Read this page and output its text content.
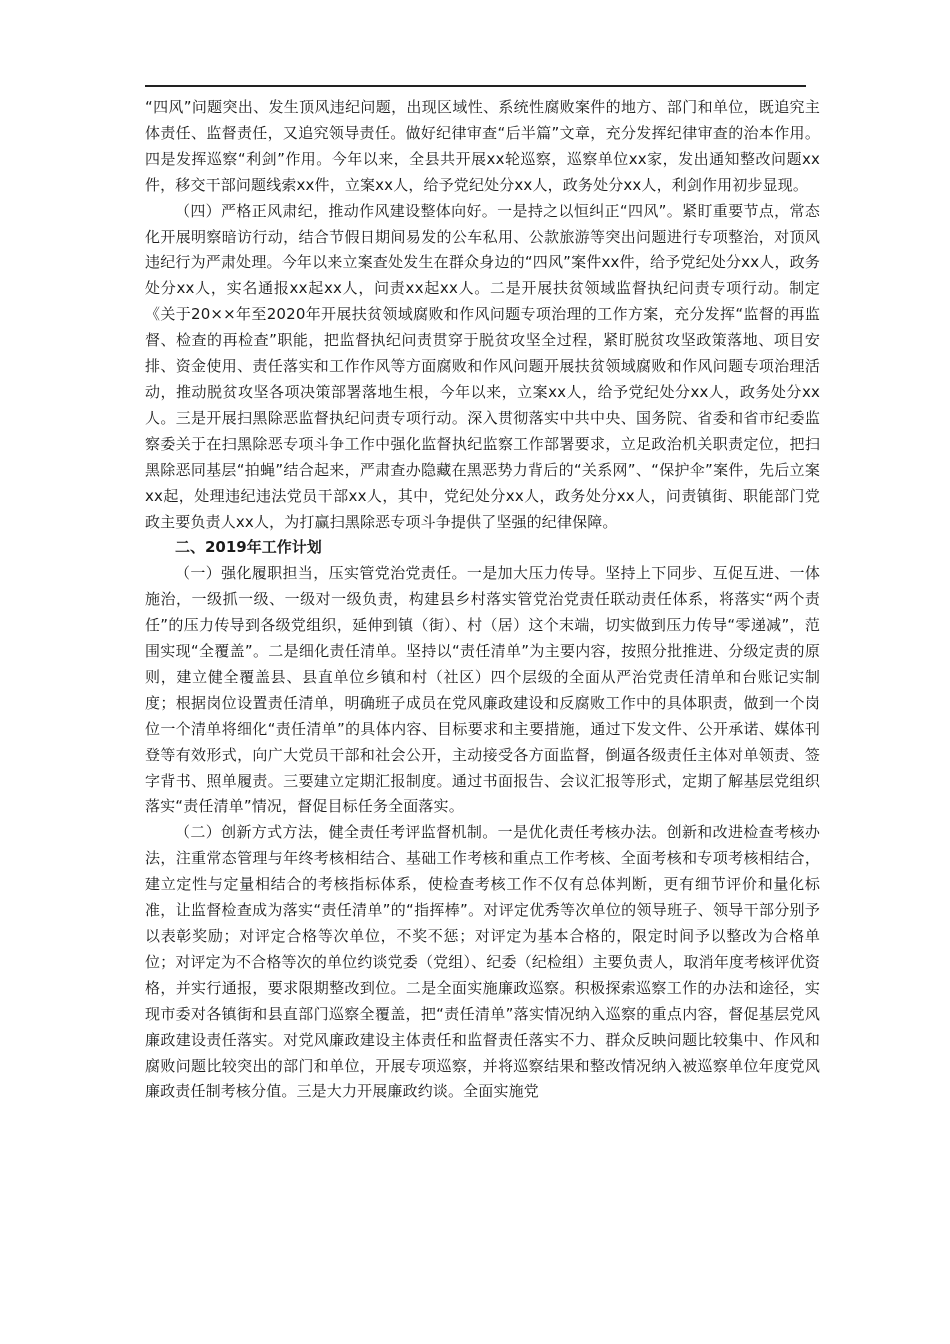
“四风”问题突出、发生顶风违纪问题，出现区域性、系统性腐败案件的地方、部门和单位，既追究主体责任、监督责任，又追究领导责任。做好纪律审查“后半篇”文章，充分发挥纪律审查的治本作用。四是发挥巡察“利剑”作用。今年以来，全县共开展xx轮巡察，巡察单位xx家，发出通知整改问题xx件，移交干部问题线索xx件，立案xx人，给予党纪处分xx人，政务处分xx人，利剑作用初步显现。

（四）严格正风肃纪，推动作风建设整体向好。一是持之以恒纠正“四风”。紧盯重要节点，常态化开展明察暗访行动，结合节假日期间易发的公车私用、公款旅游等突出问题进行专项整治，对顶风违纪行为严肃处理。今年以来立案查处发生在群众身边的“四风”案件xx件，给予党纪处分xx人，政务处分xx人，实名通报xx起xx人，问责xx起xx人。二是开展扶贫领域监督执纪问责专项行动。制定《关于20××年至2020年开展扶贫领域腐败和作风问题专项治理的工作方案，充分发挥“监督的再监督、检查的再检查”职能，把监督执纪问责贯穿于脱贫攻坚全过程，紧盯脱贫攻坚政策落地、项目安排、资金使用、责任落实和工作作风等方面腐败和作风问题开展扶贫领域腐败和作风问题专项治理活动，推动脱贫攻坚各项决策部署落地生根，今年以来，立案xx人，给予党纪处分xx人，政务处分xx人。三是开展扫黑除恶监督执纪问责专项行动。深入贯彻落实中共中央、国务院、省委和省市纪委监察委关于在扫黑除恶专项斗争工作中强化监督执纪监察工作部署要求，立足政治机关职责定位，把扫黑除恶同基层“拍蝇”结合起来，严肃查办隐藏在黑恶势力背后的“关系网”、“保护伞”案件，先后立案xx起，处理违纪违法党员干部xx人，其中，党纪处分xx人，政务处分xx人，问责镇街、职能部门党政主要负责人xx人，为打赢扫黑除恶专项斗争提供了坚强的纪律保障。

二、2019年工作计划

（一）强化履职担当，压实管党治党责任。一是加大压力传导。坚持上下同步、互促互进、一体施治，一级抓一级、一级对一级负责，构建县乡村落实管党治党责任联动责任体系，将落实“两个责任”的压力传导到各级党组织，延伸到镇（街）、村（居）这个末端，切实做到压力传导“零递减”，范围实现“全覆盖”。二是细化责任清单。坚持以“责任清单”为主要内容，按照分批推进、分级定责的原则，建立健全覆盖县、县直单位乡镇和村（社区）四个层级的全面从严治党责任清单和台账记实制度；根据岗位设置责任清单，明确班子成员在党风廉政建设和反腐败工作中的具体职责，做到一个岗位一个清单将细化“责任清单”的具体内容、目标要求和主要措施，通过下发文件、公开承诺、媒体刊登等有效形式，向广大党员干部和社会公开，主动接受各方面监督，倒逼各级责任主体对单领责、签字背书、照单履责。三要建立定期汇报制度。通过书面报告、会议汇报等形式，定期了解基层党组织落实“责任清单”情况，督促目标任务全面落实。

（二）创新方式方法，健全责任考评监督机制。一是优化责任考核办法。创新和改进检查考核办法，注重常态管理与年终考核相结合、基础工作考核和重点工作考核、全面考核和专项考核相结合，建立定性与定量相结合的考核指标体系，使检查考核工作不仅有总体判断，更有细节评价和量化标准，让监督检查成为落实“责任清单”的“指挥棒”。对评定优秀等次单位的领导班子、领导干部分别予以表彰奖励；对评定合格等次单位，不奖不惩；对评定为基本合格的，限定时间予以整改为合格单位；对评定为不合格等次的单位约谈党委（党组）、纪委（纪检组）主要负责人，取消年度考核评优资格，并实行通报，要求限期整改到位。二是全面实施廉政巡察。积极探索巡察工作的办法和途径，实现市委对各镇街和县直部门巡察全覆盖，把“责任清单”落实情况纳入巡察的重点内容，督促基层党风廉政建设责任落实。对党风廉政建设主体责任和监督责任落实不力、群众反映问题比较集中、作风和腐败问题比较突出的部门和单位，开展专项巡察，并将巡察结果和整改情况纳入被巡察单位年度党风廉政责任制考核分值。三是大力开展廉政约谈。全面实施党
